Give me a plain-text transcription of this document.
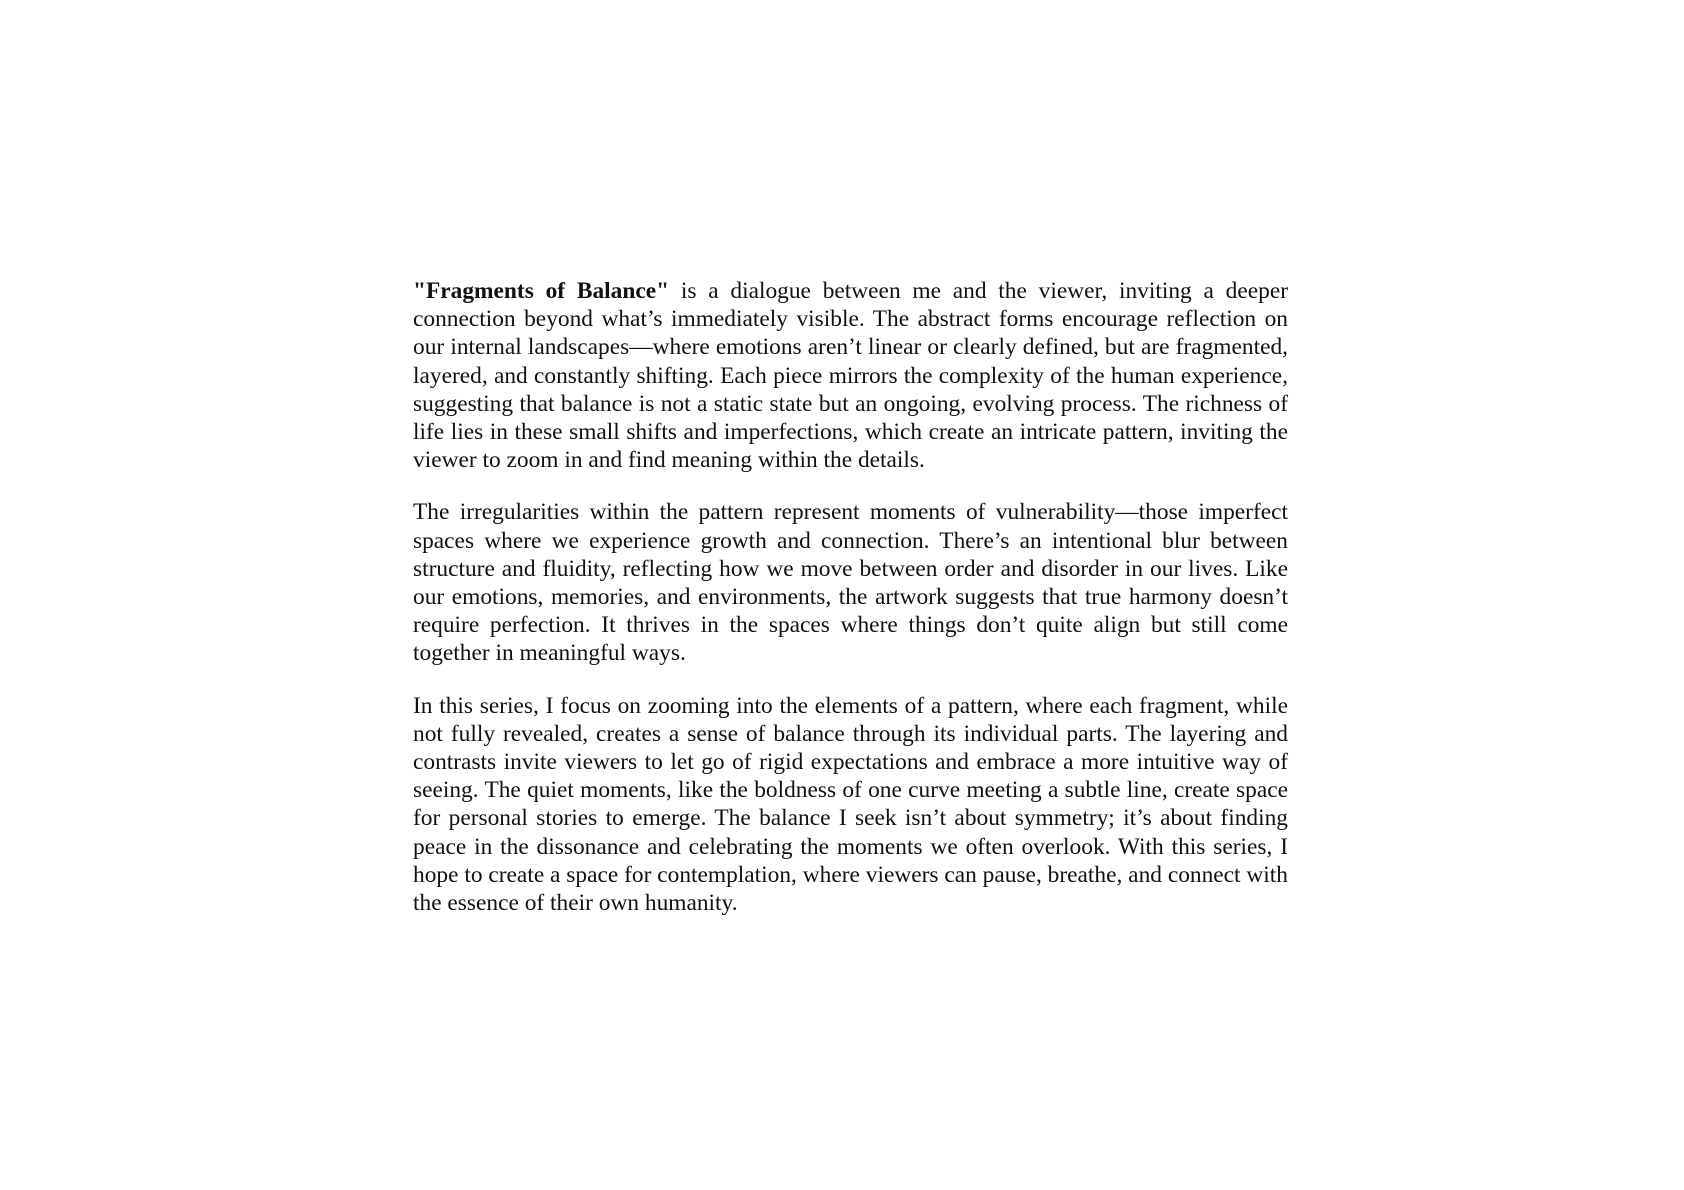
"Fragments of Balance" is a dialogue between me and the viewer, inviting a deeper connection beyond what’s immediately visible. The abstract forms encourage reflection on our internal landscapes—where emotions aren’t linear or clearly defined, but are fragmented, layered, and constantly shifting. Each piece mirrors the complexity of the human experience, suggesting that balance is not a static state but an ongoing, evolving process. The richness of life lies in these small shifts and imperfections, which create an intricate pattern, inviting the viewer to zoom in and find meaning within the details.

The irregularities within the pattern represent moments of vulnerability—those imperfect spaces where we experience growth and connection. There’s an intentional blur between structure and fluidity, reflecting how we move between order and disorder in our lives. Like our emotions, memories, and environments, the artwork suggests that true harmony doesn’t require perfection. It thrives in the spaces where things don’t quite align but still come together in meaningful ways.

In this series, I focus on zooming into the elements of a pattern, where each fragment, while not fully revealed, creates a sense of balance through its individual parts. The layering and contrasts invite viewers to let go of rigid expectations and embrace a more intuitive way of seeing. The quiet moments, like the boldness of one curve meeting a subtle line, create space for personal stories to emerge. The balance I seek isn’t about symmetry; it’s about finding peace in the dissonance and celebrating the moments we often overlook. With this series, I hope to create a space for contemplation, where viewers can pause, breathe, and connect with the essence of their own humanity.
